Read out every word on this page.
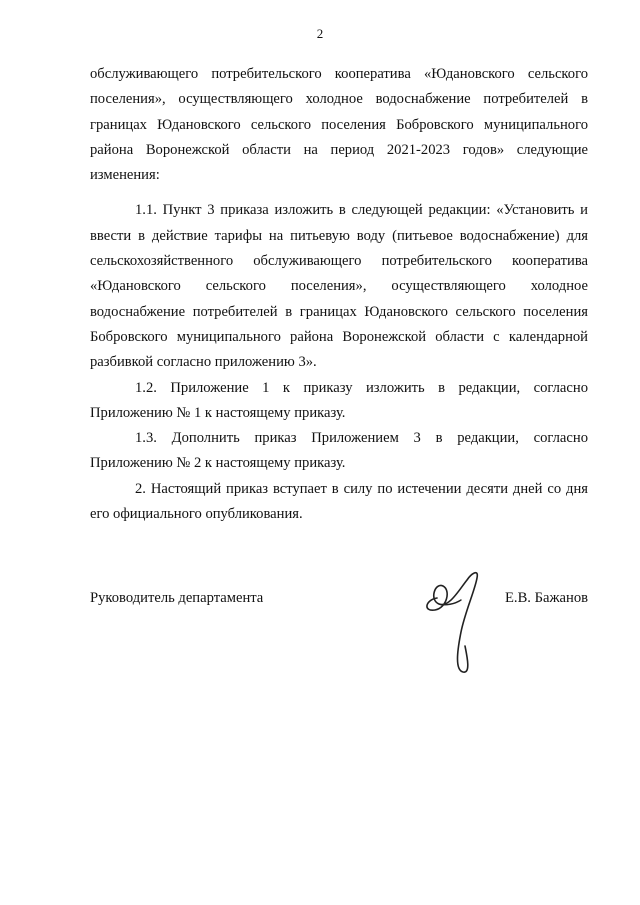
2

обслуживающего потребительского кооператива «Юдановского сельского поселения», осуществляющего холодное водоснабжение потребителей в границах Юдановского сельского поселения Бобровского муниципального района Воронежской области на период 2021-2023 годов» следующие изменения:

1.1. Пункт 3 приказа изложить в следующей редакции: «Установить и ввести в действие тарифы на питьевую воду (питьевое водоснабжение) для сельскохозяйственного обслуживающего потребительского кооператива «Юдановского сельского поселения», осуществляющего холодное водоснабжение потребителей в границах Юдановского сельского поселения Бобровского муниципального района Воронежской области с календарной разбивкой согласно приложению 3».

1.2. Приложение 1 к приказу изложить в редакции, согласно Приложению № 1 к настоящему приказу.

1.3. Дополнить приказ Приложением 3 в редакции, согласно Приложению № 2 к настоящему приказу.

2. Настоящий приказ вступает в силу по истечении десяти дней со дня его официального опубликования.

Руководитель департамента	Е.В. Бажанов
